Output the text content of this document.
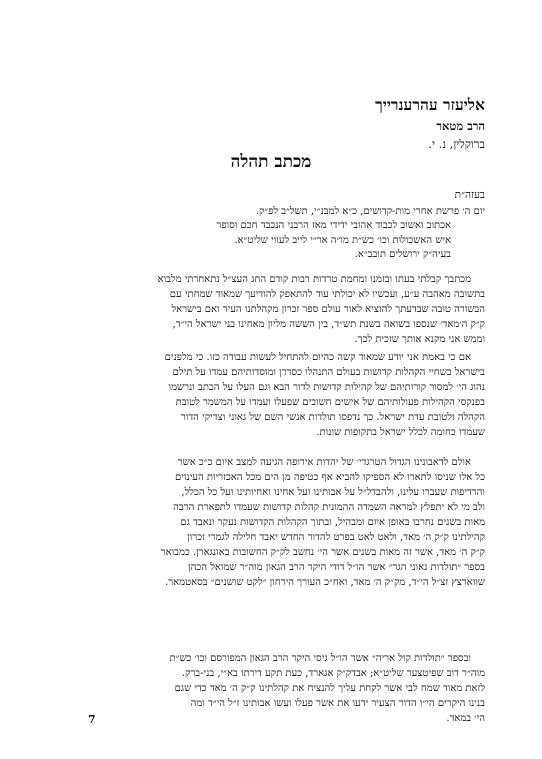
אליעזר עהרענרייך
הרב מטאר
ברוקלין, נ. י.
מכתב תהלה
בעזה״ת
יום ה׳ פרשת אחרי מות-קדושים, כ״א למבנ״י, תשל״ב לפ״ק.
אכתוב ואשוב לכבוד אהובי ידידי מאז הרבני הנכבד חכם וסופר
איש האשכולות וכו׳ כש״ת מו״ה אר״י לייב לעווי שליט״א.
בעיה״ק ירושלים תובב״א.
מכתבך קבלתי בעתו ובזמנו ומחמת טרדות רבות קודם החג העצ״ל נתאחרתי מלבוא
בתשובה מאהבה ע״ע, ועכשיו לא יכולתי עוד להתאפק להודיעך שמאוד שמחתי עם
הבשורה טובה שבדעתך להוציא לאור עולם ספר זכרון מקהלתנו העיר ואם בישראל
ק״ק ה׳מאד׳ שנספו בשואה בשנת תש״ד, בין הששה מליון מאחינו בני ישראל הי״ד,
וממש אני מקנא אותך שזכית לכך.
אם כי באמת אני יודע שמאוד קשה כהיום להתחיל לעשות עבודה כזו. כי מלפנים
בישראל כשחיי הקהלות קדושות בעולם התנהלו כסדרן ומוסדותיהם עמדו על תילם
נהוג הי׳ למסור קורותיהם של קהילות קדושות לדור הבא וגם העלו על הכתב ונרשמו
בפנקסי הקהילות פעולותיהם של אישים חשובים שפעלו ועמדו על המשמר לטובת
הקהלה ולטובת עדת ישראל. כך נדפסו תולדות אנשי השם של גאוני וצדיקי הדור
שעמדו כחומה לכלל ישראל בתקופות שונות.
אולם לדאבונינו הגדול הטרגדי׳ של יהדות אירופה הגיעה למצב איום כ״כ אשר
כל אלו שניסו לתארו לא הספיקו להביא אף כטיפה מן הים מכל האכזריות העינוים
והרדיפות שעברו עלינו, ולהבדל״ל על אבותינו ועל אחינו ואחיותינו ועל כל הכלל,
ולב מי לא יתפלץ למראה השמדה ההמונית קהלות קדושות שעמדו לתפארת הרבה
מאות בשנים נחרבו באופן איום ומבהיל, ובתוך הקהלות הקדושות נעקר ונאבד גם
קהילתינו ק״ק ה׳ מאד, ולאט לאט בפרט להדור החדש יאבד חלילה לגמרי זכרון
ק״ק ה׳ מאד, אשר זה מאות בשנים אשר הי׳ נחשב לק״ק החשובות באונגארן. כמבואר
בספר ״תולדות גאוני הגר״ אשר הו״ל דודי היקר הרב הגאון מוה״ר שמואל הכהן
שווארצץ זצ״ל הי״ד, מק״ק ה׳ מאד, ואח״כ העורך הירחון ״לקט שושנים״ בסאטמאר.
ובספר ״תולדות קול אריה״ אשר הו״ל גיסי היקר הרב הגאון המפורסם וכו׳ כש״ת
מוה״ר דוב שפיטצער שליט״א; אבדק״ק אגארד, כעת תקע דירתו בא״י, בני-ברק.
לזאת מאוד שמח לבי אשר לקחת עליך להנציח את קהלתינו ק״ק ה׳ מאד כדי שגם
בנינו היקרים הי״ו הדור הצעיר ידעו את אשר פעלו ועשו אבותינו ז״ל הי״ד ומה
הי׳ במאד.
7
